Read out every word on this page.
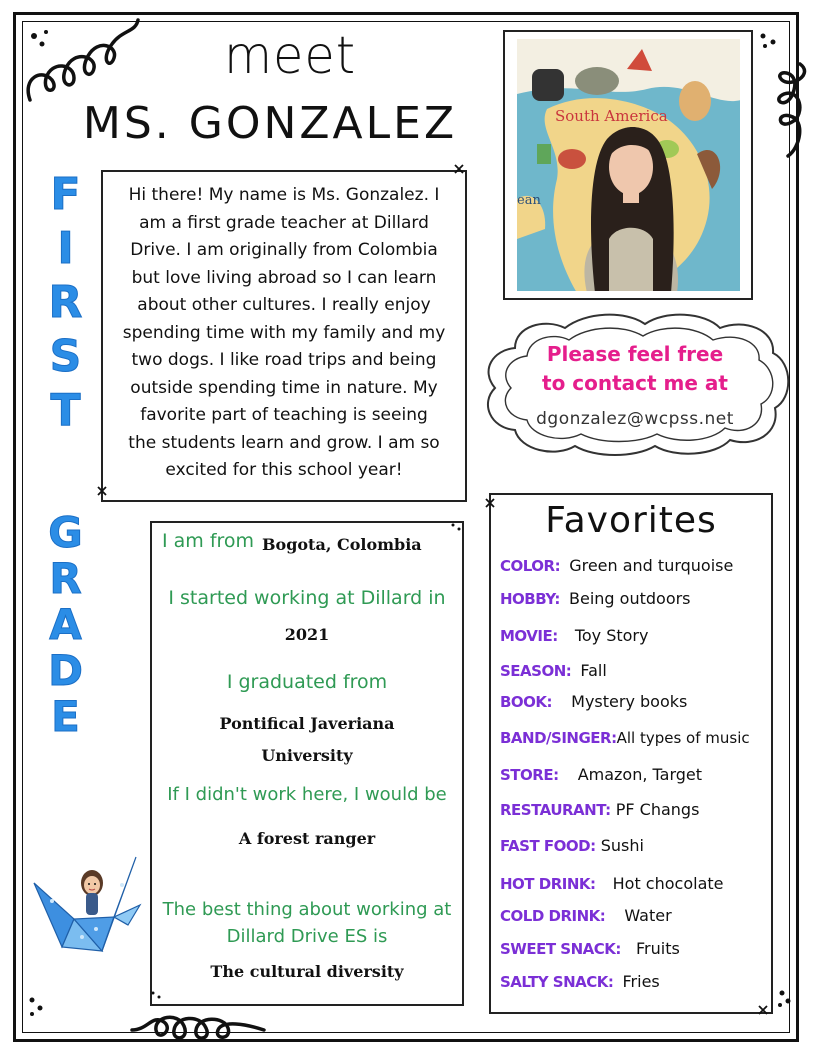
meet
MS. GONZALEZ
F
I
R
S
T
G
R
A
D
E
Hi there! My name is Ms. Gonzalez. I
am a first grade teacher at Dillard
Drive. I am originally from Colombia
but love living abroad so I can learn
about other cultures. I really enjoy
spending time with my family and my
two dogs. I like road trips and being
outside spending time in nature. My
favorite part of teaching is seeing
the students learn and grow. I am so
excited for this school year!
South America
ean
Please feel free
to contact me at
dgonzalez@wcpss.net
I am from Bogota, Colombia
I started working at Dillard in
2021
I graduated from
Pontifical Javeriana
University
If I didn't work here, I would be
A forest ranger
The best thing about working at
Dillard Drive ES is
The cultural diversity
Favorites
COLOR: Green and turquoise
HOBBY: Being outdoors
MOVIE: Toy Story
SEASON: Fall
BOOK: Mystery books
BAND/SINGER:All types of music
STORE: Amazon, Target
RESTAURANT: PF Changs
FAST FOOD: Sushi
HOT DRINK: Hot chocolate
COLD DRINK: Water
SWEET SNACK: Fruits
SALTY SNACK: Fries
